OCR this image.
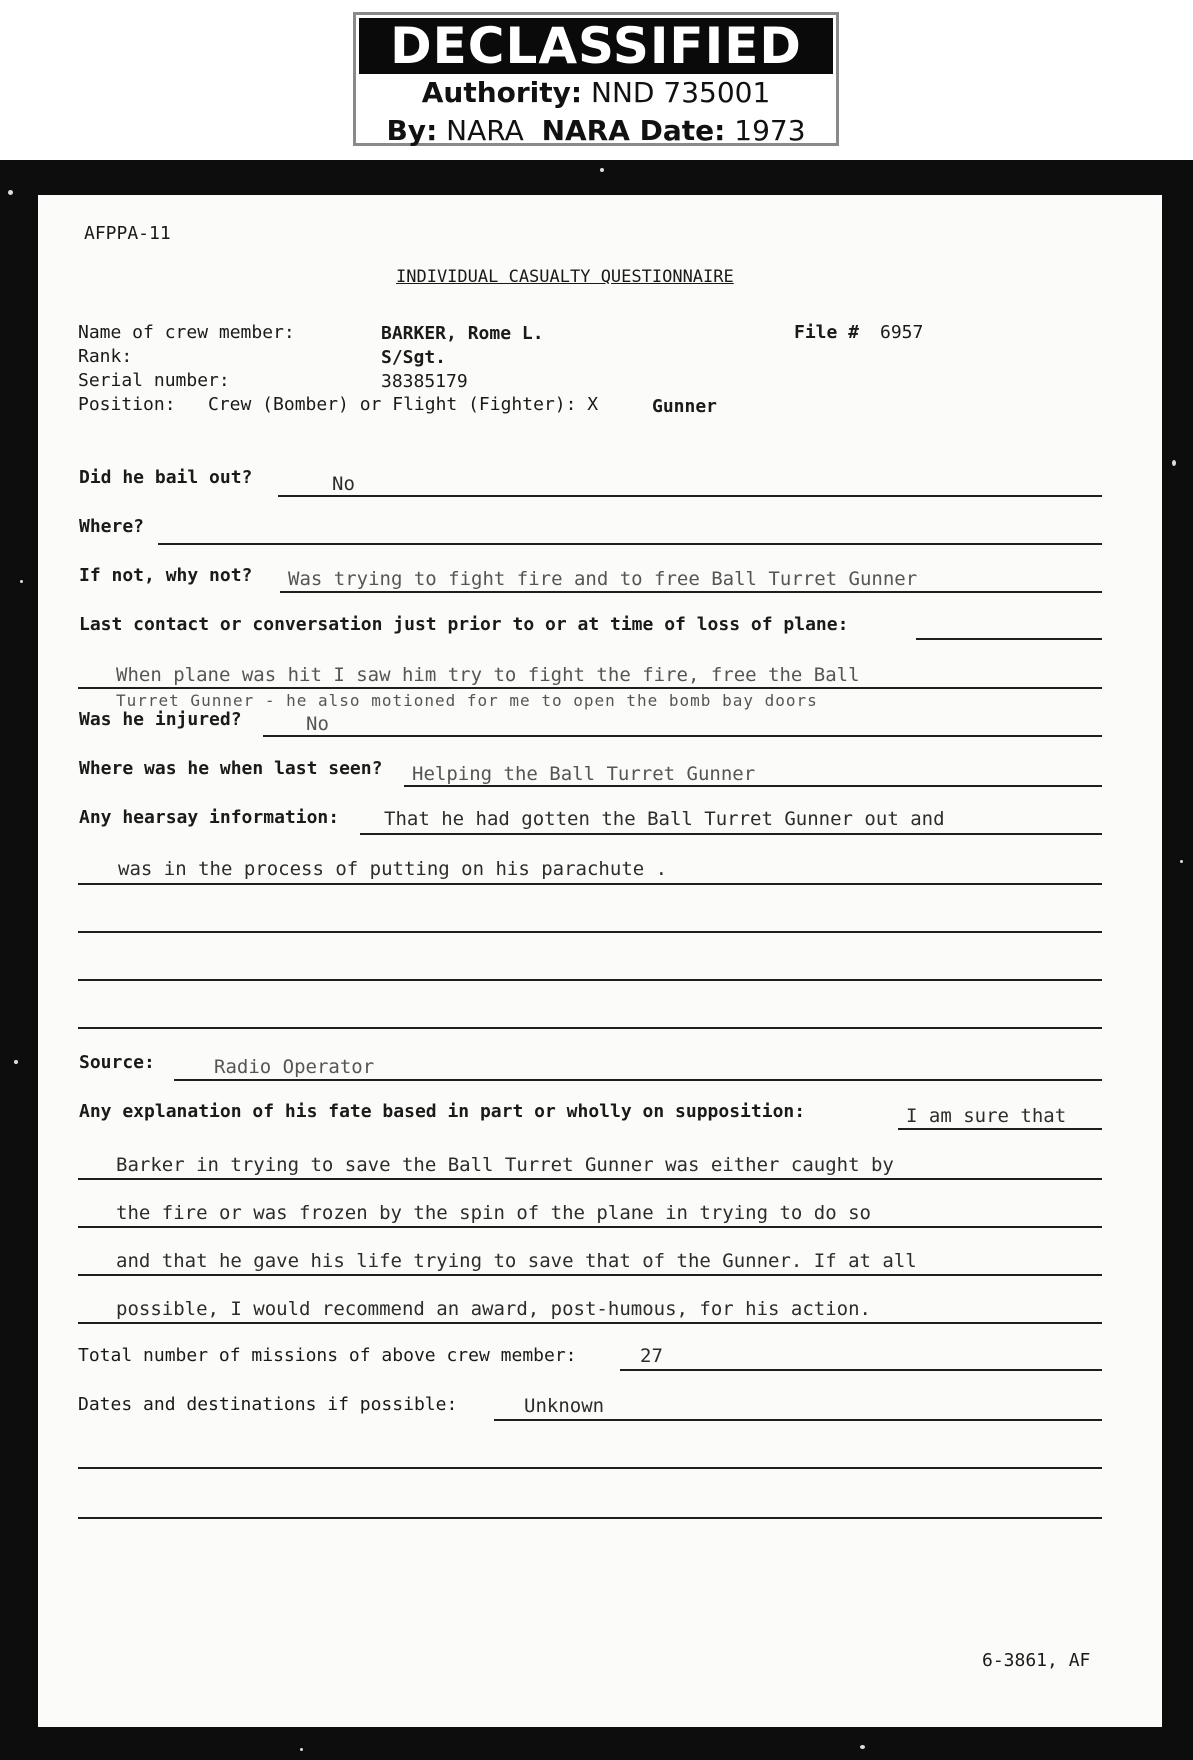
DECLASSIFIED
Authority: NND 735001
By: NARA NARA Date: 1973
AFPPA-11
INDIVIDUAL CASUALTY QUESTIONNAIRE
Name of crew member:	BARKER, Rome L.	File # 6957
Rank:	S/Sgt.
Serial number:	38385179
Position: Crew (Bomber) or Flight (Fighter): X	Gunner
Did he bail out?	No
Where?
If not, why not? Was trying to fight fire and to free Ball Turret Gunner
Last contact or conversation just prior to or at time of loss of plane:
When plane was hit I saw him try to fight the fire, free the Ball
Turret Gunner - he also motioned for me to open the bomb bay doors
Was he injured?	No
Where was he when last seen? Helping the Ball Turret Gunner
Any hearsay information: That he had gotten the Ball Turret Gunner out and
was in the process of putting on his parachute .
Source:	Radio Operator
Any explanation of his fate based in part or wholly on supposition:	I am sure that
Barker in trying to save the Ball Turret Gunner was either caught by
the fire or was frozen by the spin of the plane in trying to do so
and that he gave his life trying to save that of the Gunner. If at all
possible, I would recommend an award, post-humous, for his action.
Total number of missions of above crew member:	27
Dates and destinations if possible:	Unknown
6-3861, AF
